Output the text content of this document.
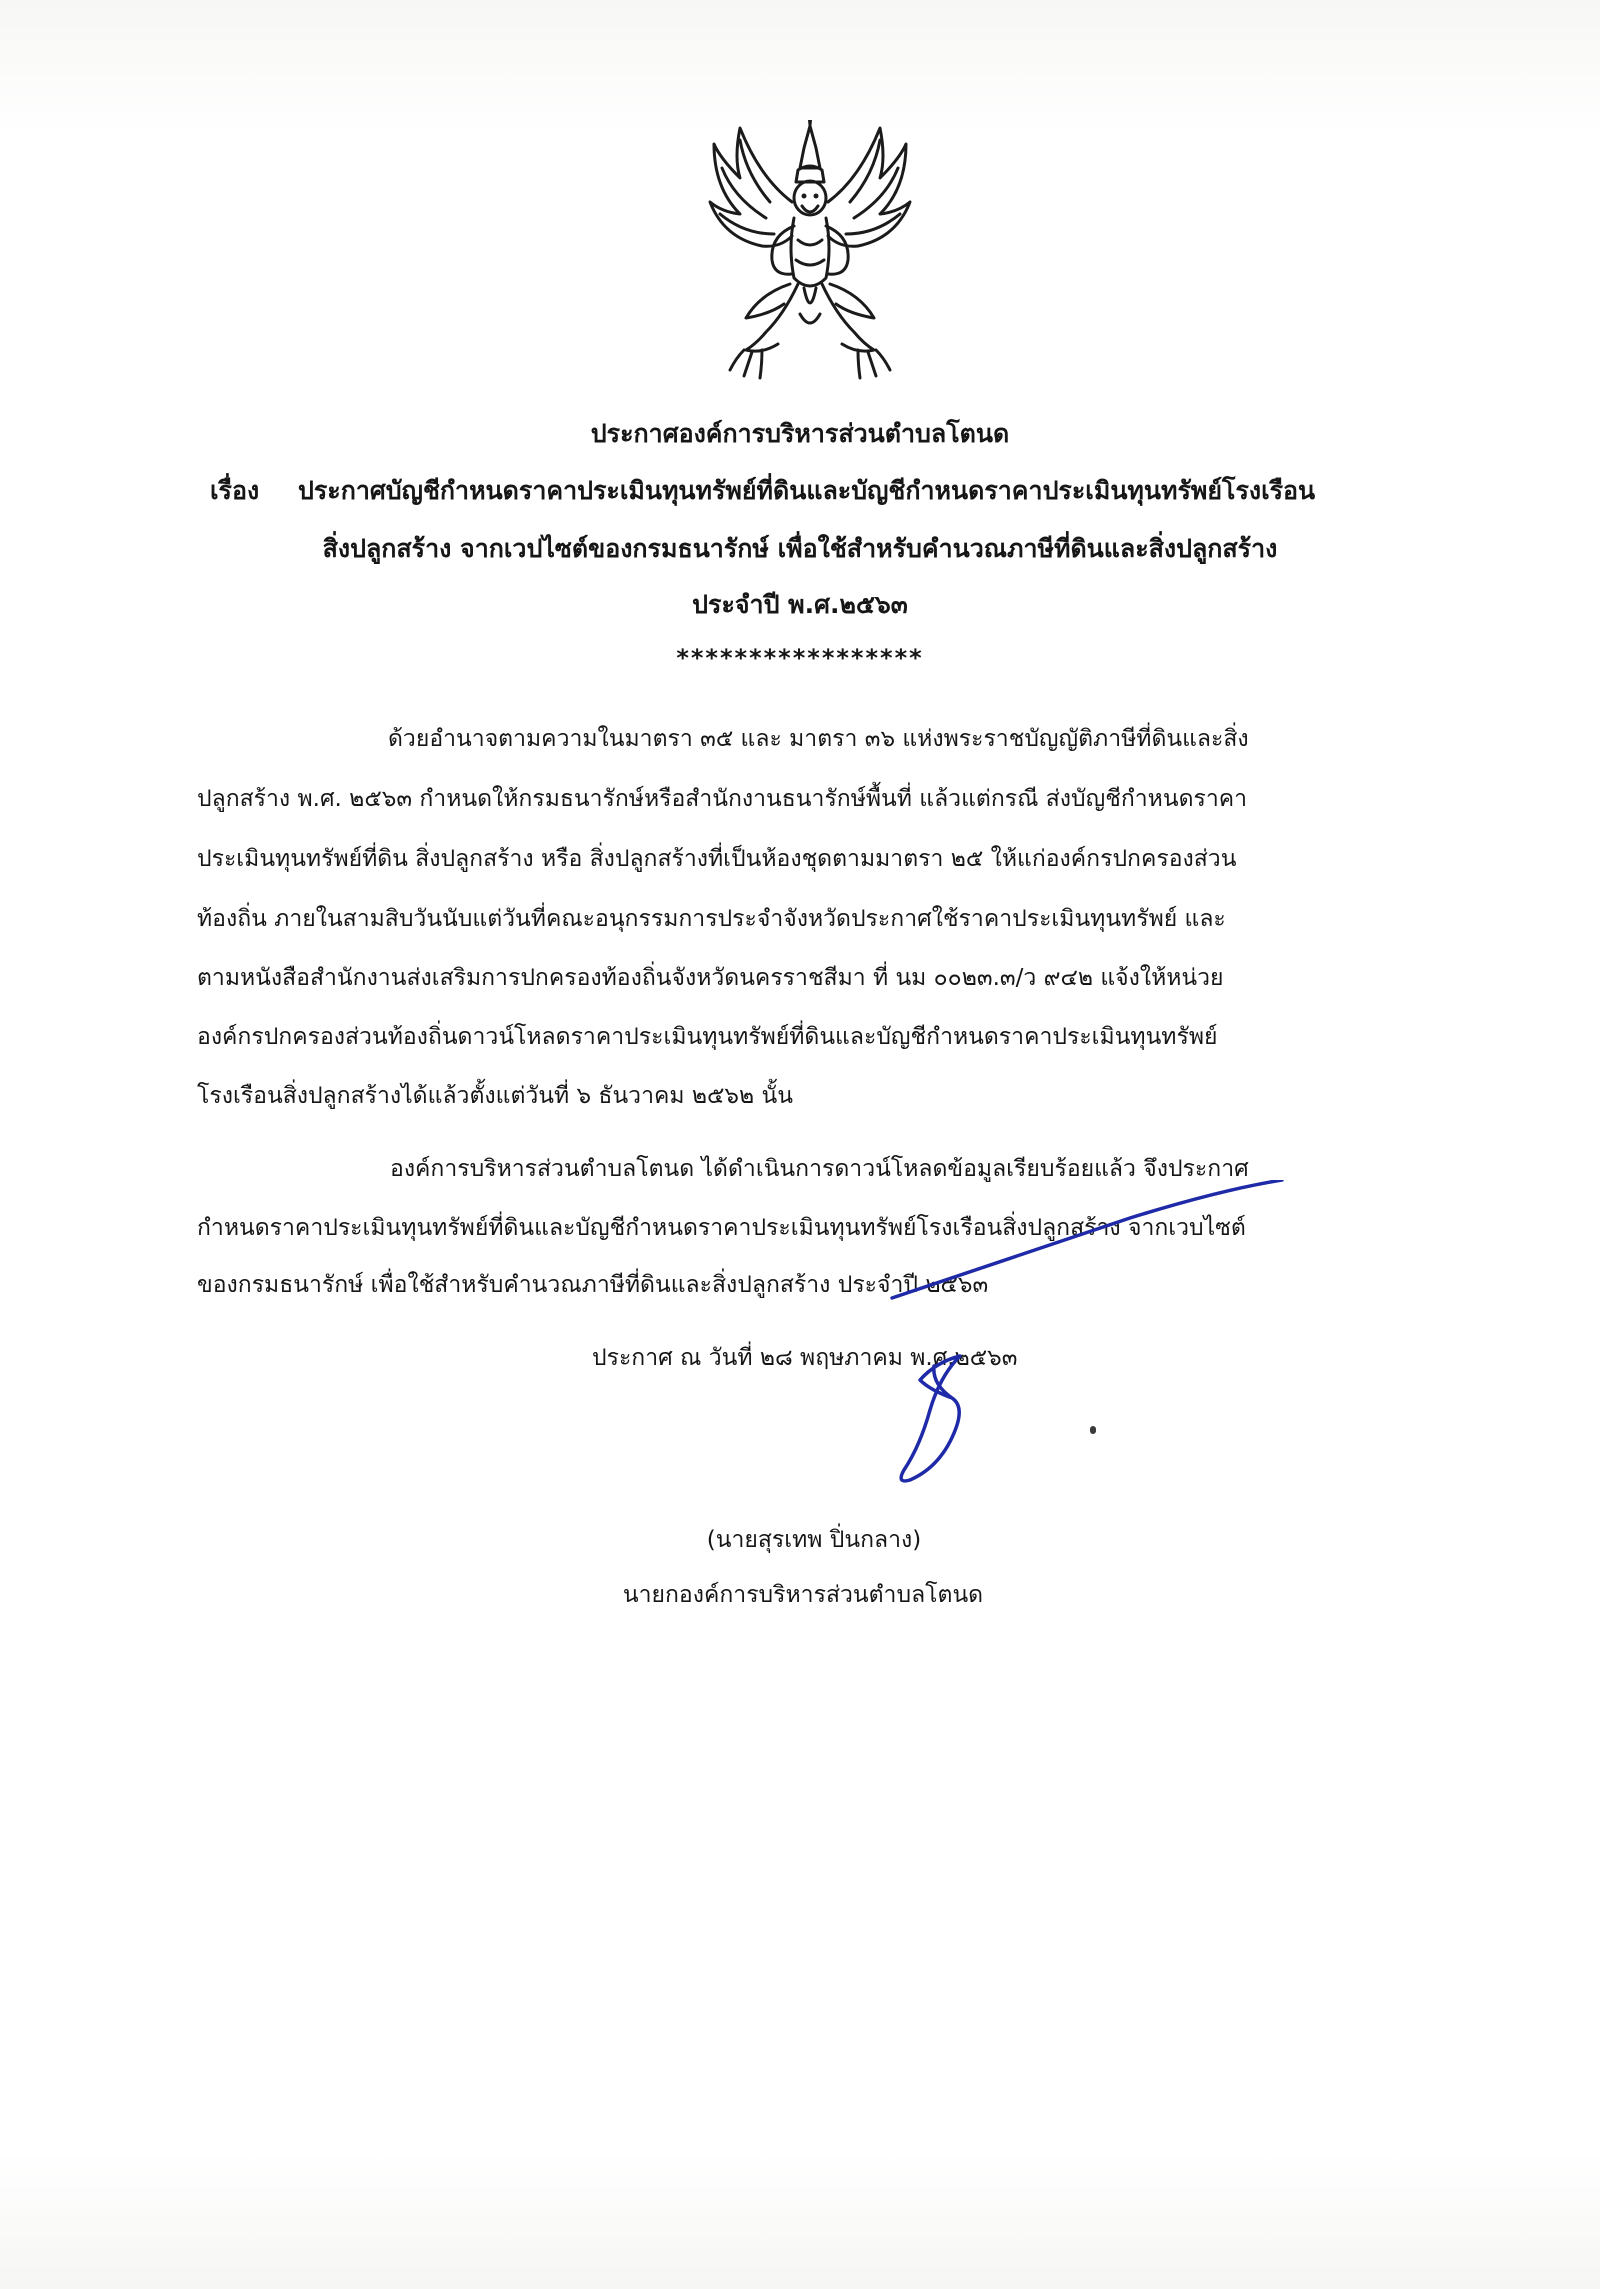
ประกาศองค์การบริหารส่วนตำบลโตนด
เรื่อง ประกาศบัญชีกำหนดราคาประเมินทุนทรัพย์ที่ดินและบัญชีกำหนดราคาประเมินทุนทรัพย์โรงเรือน
สิ่งปลูกสร้าง จากเวปไซต์ของกรมธนารักษ์ เพื่อใช้สำหรับคำนวณภาษีที่ดินและสิ่งปลูกสร้าง
ประจำปี พ.ศ.๒๕๖๓
*****************
ด้วยอำนาจตามความในมาตรา ๓๕ และ มาตรา ๓๖ แห่งพระราชบัญญัติภาษีที่ดินและสิ่ง
ปลูกสร้าง พ.ศ. ๒๕๖๓ กำหนดให้กรมธนารักษ์หรือสำนักงานธนารักษ์พื้นที่ แล้วแต่กรณี ส่งบัญชีกำหนดราคา
ประเมินทุนทรัพย์ที่ดิน สิ่งปลูกสร้าง หรือ สิ่งปลูกสร้างที่เป็นห้องชุดตามมาตรา ๒๕ ให้แก่องค์กรปกครองส่วน
ท้องถิ่น ภายในสามสิบวันนับแต่วันที่คณะอนุกรรมการประจำจังหวัดประกาศใช้ราคาประเมินทุนทรัพย์ และ
ตามหนังสือสำนักงานส่งเสริมการปกครองท้องถิ่นจังหวัดนครราชสีมา ที่ นม ๐๐๒๓.๓/ว ๙๔๒ แจ้งให้หน่วย
องค์กรปกครองส่วนท้องถิ่นดาวน์โหลดราคาประเมินทุนทรัพย์ที่ดินและบัญชีกำหนดราคาประเมินทุนทรัพย์
โรงเรือนสิ่งปลูกสร้างได้แล้วตั้งแต่วันที่ ๖ ธันวาคม ๒๕๖๒ นั้น
องค์การบริหารส่วนตำบลโตนด ได้ดำเนินการดาวน์โหลดข้อมูลเรียบร้อยแล้ว จึงประกาศ
กำหนดราคาประเมินทุนทรัพย์ที่ดินและบัญชีกำหนดราคาประเมินทุนทรัพย์โรงเรือนสิ่งปลูกสร้าง จากเวบไซต์
ของกรมธนารักษ์ เพื่อใช้สำหรับคำนวณภาษีที่ดินและสิ่งปลูกสร้าง ประจำปี ๒๕๖๓
ประกาศ ณ วันที่ ๒๘ พฤษภาคม พ.ศ.๒๕๖๓
(นายสุรเทพ ปิ่นกลาง)
นายกองค์การบริหารส่วนตำบลโตนด
